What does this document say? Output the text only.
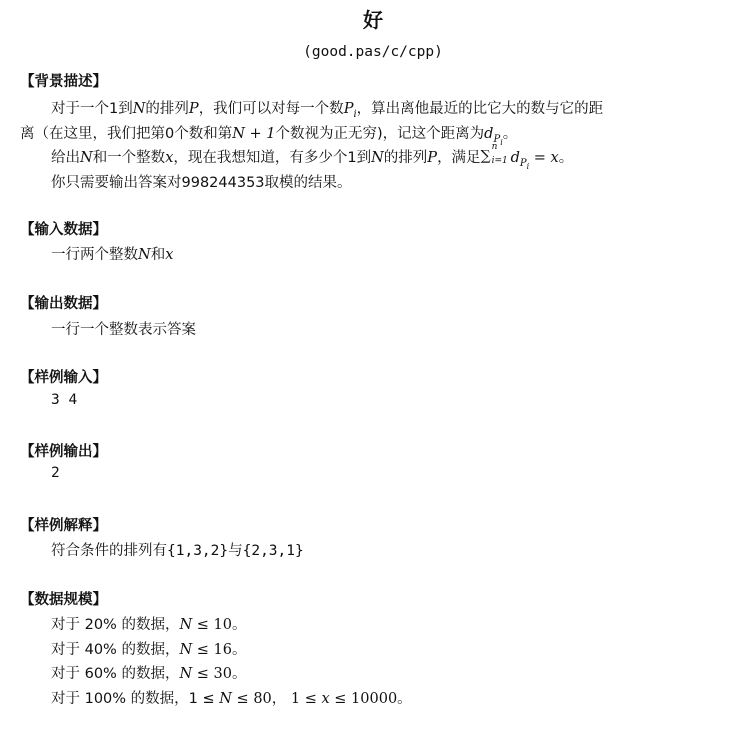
好
(good.pas/c/cpp)
【背景描述】
对于一个1到N的排列P，我们可以对每一个数$P_i$，算出离他最近的比它大的数与它的距
离（在这里，我们把第0个数和第N + 1个数视为正无穷)，记这个距离为$d_{P_i}$。
给出N和一个整数x，现在我想知道，有多少个1到N的排列P，满足 ∑
n
i=1 $d_{P_i} = x$。
你只需要输出答案对998244353取模的结果。
【输入数据】
一行两个整数N和x
【输出数据】
一行一个整数表示答案
【样例输入】
3 4
【样例输出】
2
【样例解释】
符合条件的排列有{1,3,2}与{2,3,1}
【数据规模】
对于 20% 的数据，N ≤ 10。
对于 40% 的数据，N ≤ 16。
对于 60% 的数据，N ≤ 30。
对于 100% 的数据，1 ≤ N ≤ 80， 1 ≤ x ≤ 10000。
